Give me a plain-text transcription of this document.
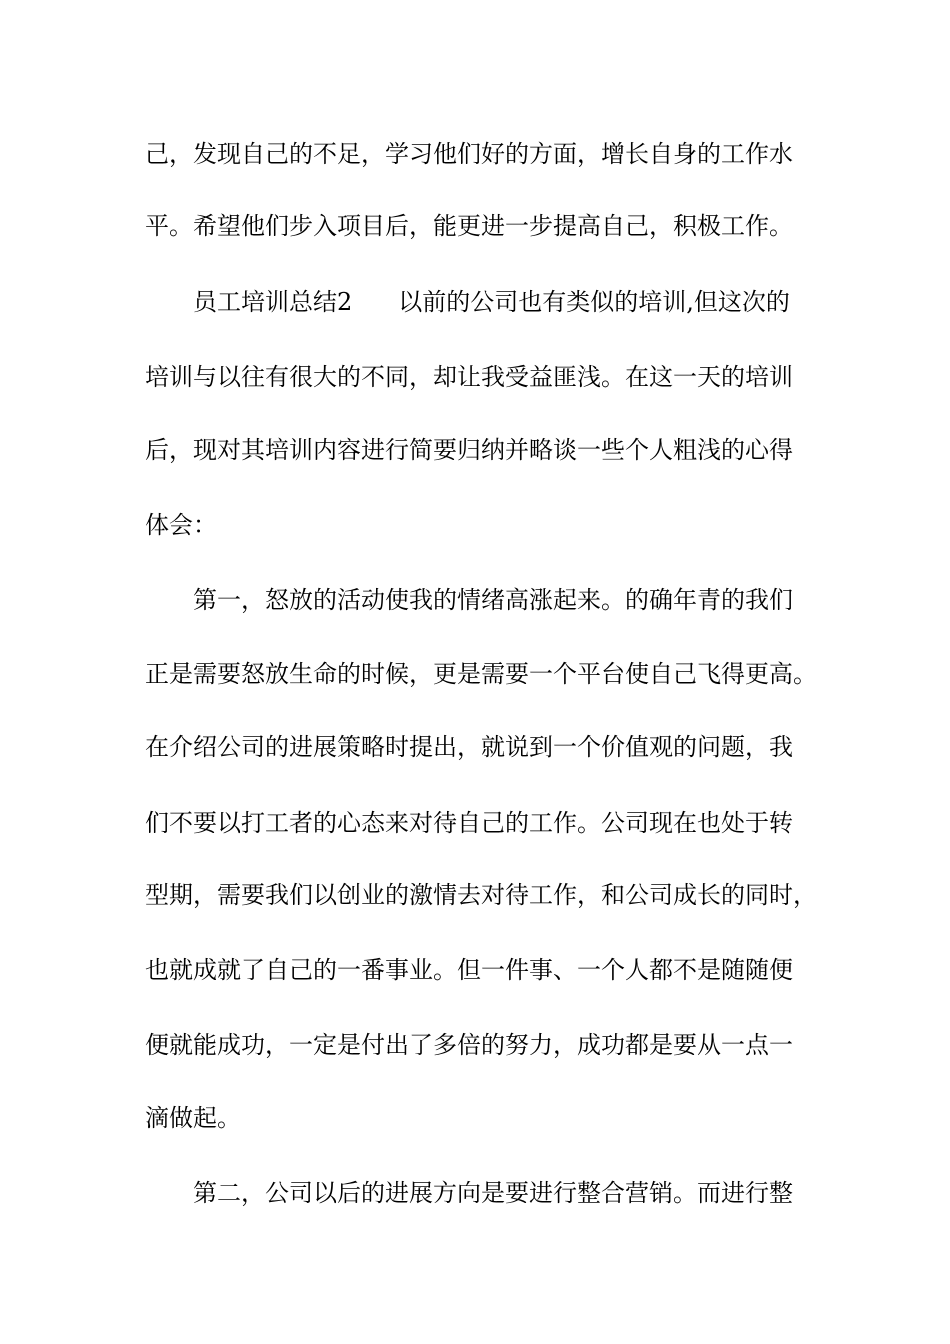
己，发现自己的不足，学习他们好的方面，增长自身的工作水
平。希望他们步入项目后，能更进一步提高自己，积极工作。
员工培训总结2 以前的公司也有类似的培训,但这次的
培训与以往有很大的不同，却让我受益匪浅。在这一天的培训
后，现对其培训内容进行简要归纳并略谈一些个人粗浅的心得
体会：
第一，怒放的活动使我的情绪高涨起来。的确年青的我们
正是需要怒放生命的时候，更是需要一个平台使自己飞得更高。
在介绍公司的进展策略时提出，就说到一个价值观的问题，我
们不要以打工者的心态来对待自己的工作。公司现在也处于转
型期，需要我们以创业的激情去对待工作，和公司成长的同时，
也就成就了自己的一番事业。但一件事、一个人都不是随随便
便就能成功，一定是付出了多倍的努力，成功都是要从一点一
滴做起。
第二，公司以后的进展方向是要进行整合营销。而进行整
